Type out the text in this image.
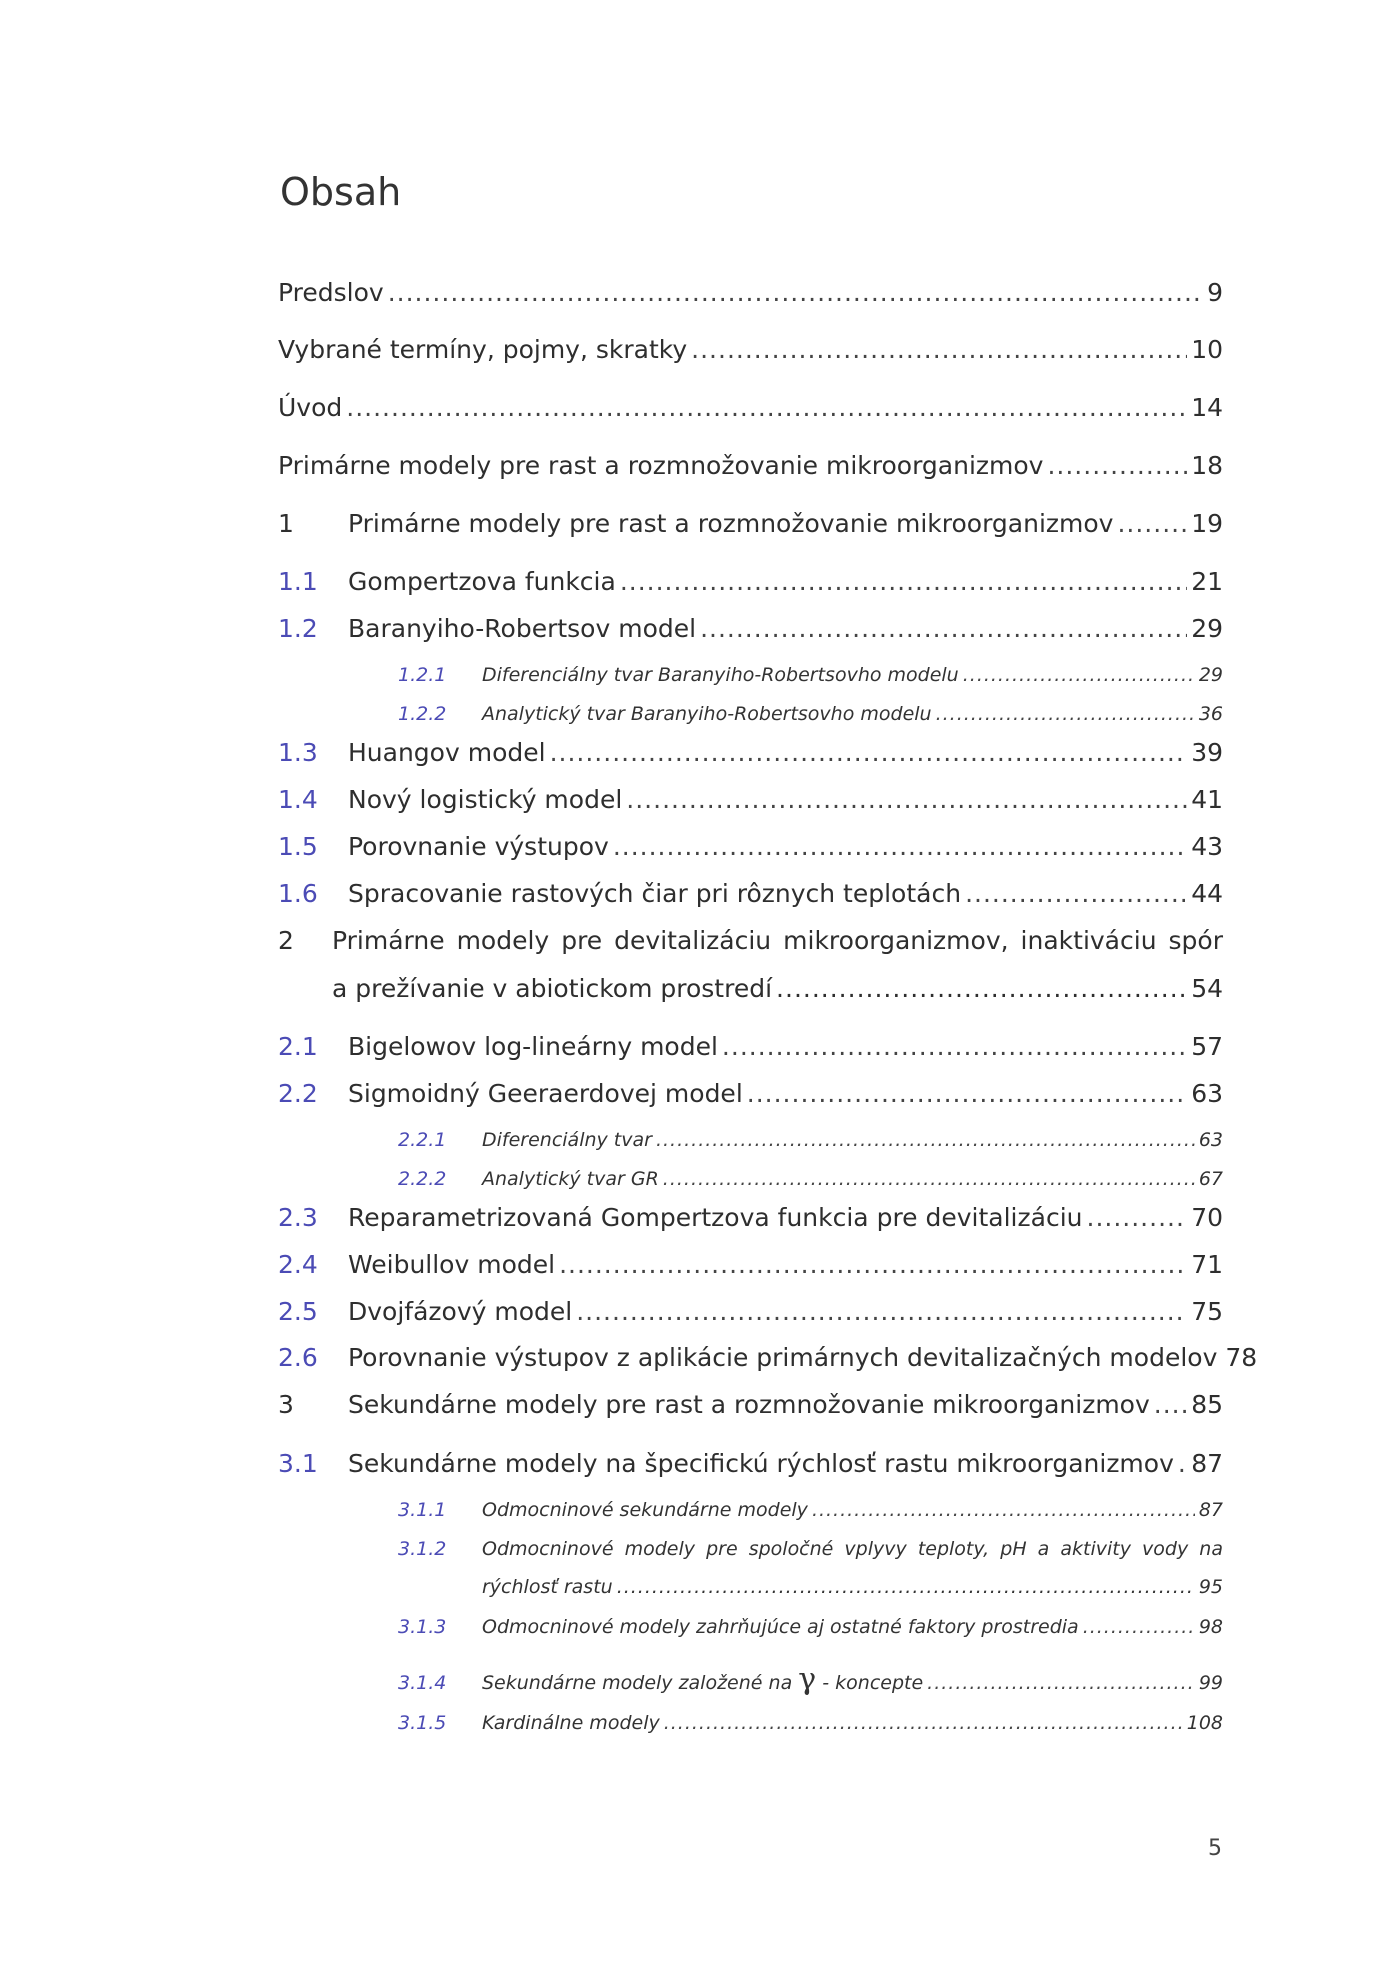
Obsah
Predslov .....	9
Vybrané termíny, pojmy, skratky .....	10
Úvod .....	14
Primárne modely pre rast a rozmnožovanie mikroorganizmov .....	18
1	Primárne modely pre rast a rozmnožovanie mikroorganizmov .....	19
1.1	Gompertzova funkcia .....	21
1.2	Baranyiho-Robertsov model .....	29
1.2.1	Diferenciálny tvar Baranyiho-Robertsovho modelu .....	29
1.2.2	Analytický tvar Baranyiho-Robertsovho modelu .....	36
1.3	Huangov model .....	39
1.4	Nový logistický model .....	41
1.5	Porovnanie výstupov .....	43
1.6	Spracovanie rastových čiar pri rôznych teplotách .....	44
2	Primárne modely pre devitalizáciu mikroorganizmov, inaktiváciu spór
a prežívanie v abiotickom prostredí .....	54
2.1	Bigelowov log-lineárny model .....	57
2.2	Sigmoidný Geeraerdovej model .....	63
2.2.1	Diferenciálny tvar .....	63
2.2.2	Analytický tvar GR .....	67
2.3	Reparametrizovaná Gompertzova funkcia pre devitalizáciu .....	70
2.4	Weibullov model .....	71
2.5	Dvojfázový model .....	75
2.6	Porovnanie výstupov z aplikácie primárnych devitalizačných modelov 78
3	Sekundárne modely pre rast a rozmnožovanie mikroorganizmov ..... 85
3.1	Sekundárne modely na špecifickú rýchlosť rastu mikroorganizmov ..... 87
3.1.1	Odmocninové sekundárne modely .....	87
3.1.2	Odmocninové modely pre spoločné vplyvy teploty, pH a aktivity vody na
rýchlosť rastu .....	95
3.1.3	Odmocninové modely zahrňujúce aj ostatné faktory prostredia .....	98
3.1.4	Sekundárne modely založené na γ - koncepte .....	99
3.1.5	Kardinálne modely .....	108
5
